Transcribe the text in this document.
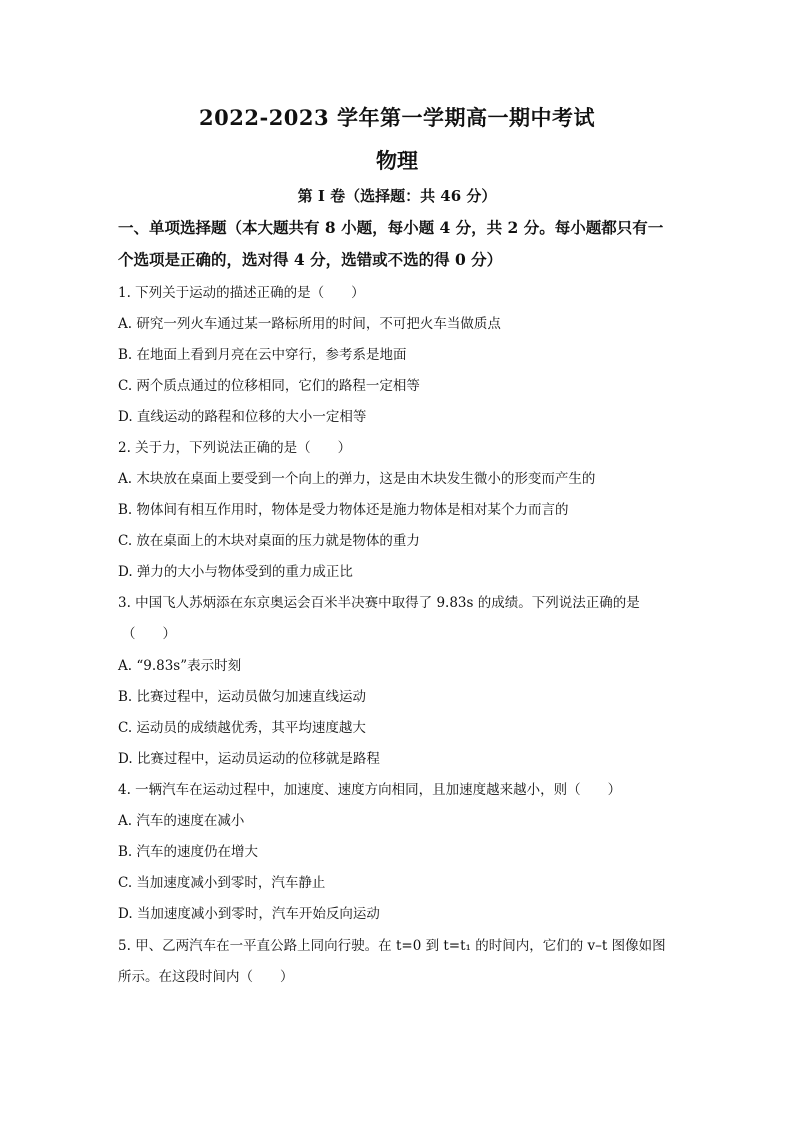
2022-2023 学年第一学期高一期中考试
物理
第 I 卷（选择题：共 46 分）
一、单项选择题（本大题共有 8 小题，每小题 4 分，共 2 分。每小题都只有一个选项是正确的，选对得 4 分，选错或不选的得 0 分）
1. 下列关于运动的描述正确的是（　　）
A. 研究一列火车通过某一路标所用的时间，不可把火车当做质点
B. 在地面上看到月亮在云中穿行，参考系是地面
C. 两个质点通过的位移相同，它们的路程一定相等
D. 直线运动的路程和位移的大小一定相等
2. 关于力，下列说法正确的是（　　）
A. 木块放在桌面上要受到一个向上的弹力，这是由木块发生微小的形变而产生的
B. 物体间有相互作用时，物体是受力物体还是施力物体是相对某个力而言的
C. 放在桌面上的木块对桌面的压力就是物体的重力
D. 弹力的大小与物体受到的重力成正比
3. 中国飞人苏炳添在东京奥运会百米半决赛中取得了 9.83s 的成绩。下列说法正确的是
（　　）
A. “9.83s”表示时刻
B. 比赛过程中，运动员做匀加速直线运动
C. 运动员的成绩越优秀，其平均速度越大
D. 比赛过程中，运动员运动的位移就是路程
4. 一辆汽车在运动过程中，加速度、速度方向相同，且加速度越来越小，则（　　）
A. 汽车的速度在减小
B. 汽车的速度仍在增大
C. 当加速度减小到零时，汽车静止
D. 当加速度减小到零时，汽车开始反向运动
5. 甲、乙两汽车在一平直公路上同向行驶。在 t=0 到 t=t₁ 的时间内，它们的 v–t 图像如图
所示。在这段时间内（　　）
